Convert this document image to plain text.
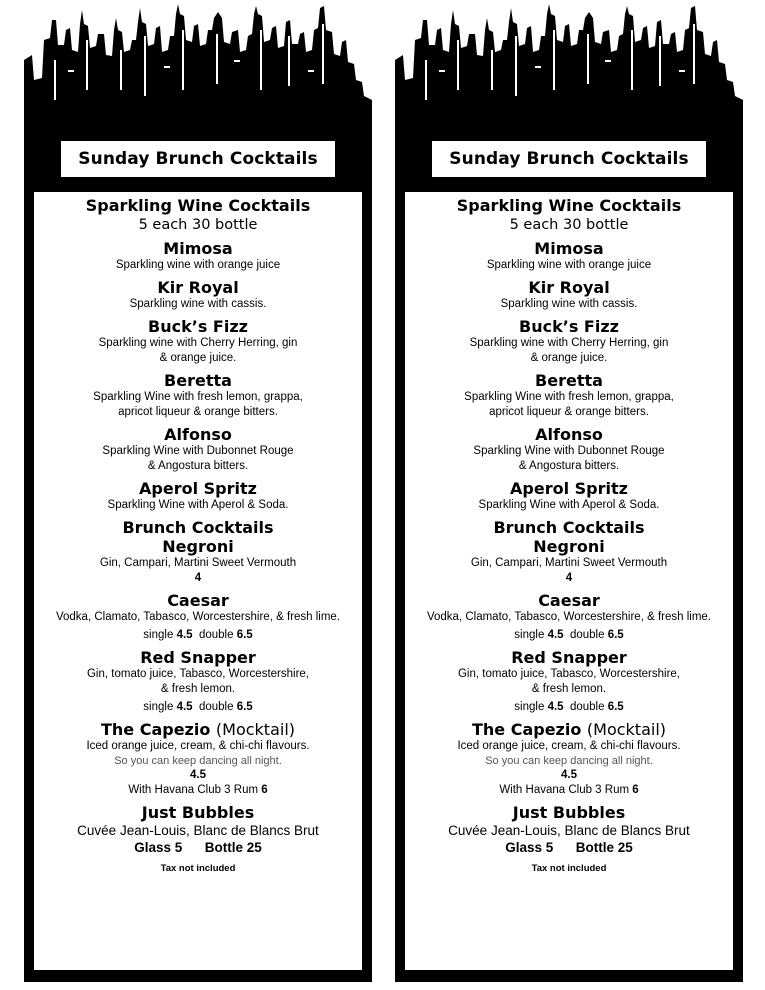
Sunday Brunch Cocktails
Sparkling Wine Cocktails
5 each 30 bottle
Mimosa
Sparkling wine with orange juice
Kir Royal
Sparkling wine with cassis.
Buck’s Fizz
Sparkling wine with Cherry Herring, gin
& orange juice.
Beretta
Sparkling Wine with fresh lemon, grappa,
apricot liqueur & orange bitters.
Alfonso
Sparkling Wine with Dubonnet Rouge
& Angostura bitters.
Aperol Spritz
Sparkling Wine with Aperol & Soda.
Brunch Cocktails
Negroni
Gin, Campari, Martini Sweet Vermouth
4
Caesar
Vodka, Clamato, Tabasco, Worcestershire, & fresh lime.
single 4.5 double 6.5
Red Snapper
Gin, tomato juice, Tabasco, Worcestershire,
& fresh lemon.
single 4.5 double 6.5
The Capezio (Mocktail)
Iced orange juice, cream, & chi-chi flavours.
So you can keep dancing all night.
4.5
With Havana Club 3 Rum 6
Just Bubbles
Cuvée Jean-Louis, Blanc de Blancs Brut
Glass 5 Bottle 25
Tax not included
Sunday Brunch Cocktails
Sparkling Wine Cocktails
5 each 30 bottle
Mimosa
Sparkling wine with orange juice
Kir Royal
Sparkling wine with cassis.
Buck’s Fizz
Sparkling wine with Cherry Herring, gin
& orange juice.
Beretta
Sparkling Wine with fresh lemon, grappa,
apricot liqueur & orange bitters.
Alfonso
Sparkling Wine with Dubonnet Rouge
& Angostura bitters.
Aperol Spritz
Sparkling Wine with Aperol & Soda.
Brunch Cocktails
Negroni
Gin, Campari, Martini Sweet Vermouth
4
Caesar
Vodka, Clamato, Tabasco, Worcestershire, & fresh lime.
single 4.5 double 6.5
Red Snapper
Gin, tomato juice, Tabasco, Worcestershire,
& fresh lemon.
single 4.5 double 6.5
The Capezio (Mocktail)
Iced orange juice, cream, & chi-chi flavours.
So you can keep dancing all night.
4.5
With Havana Club 3 Rum 6
Just Bubbles
Cuvée Jean-Louis, Blanc de Blancs Brut
Glass 5 Bottle 25
Tax not included
